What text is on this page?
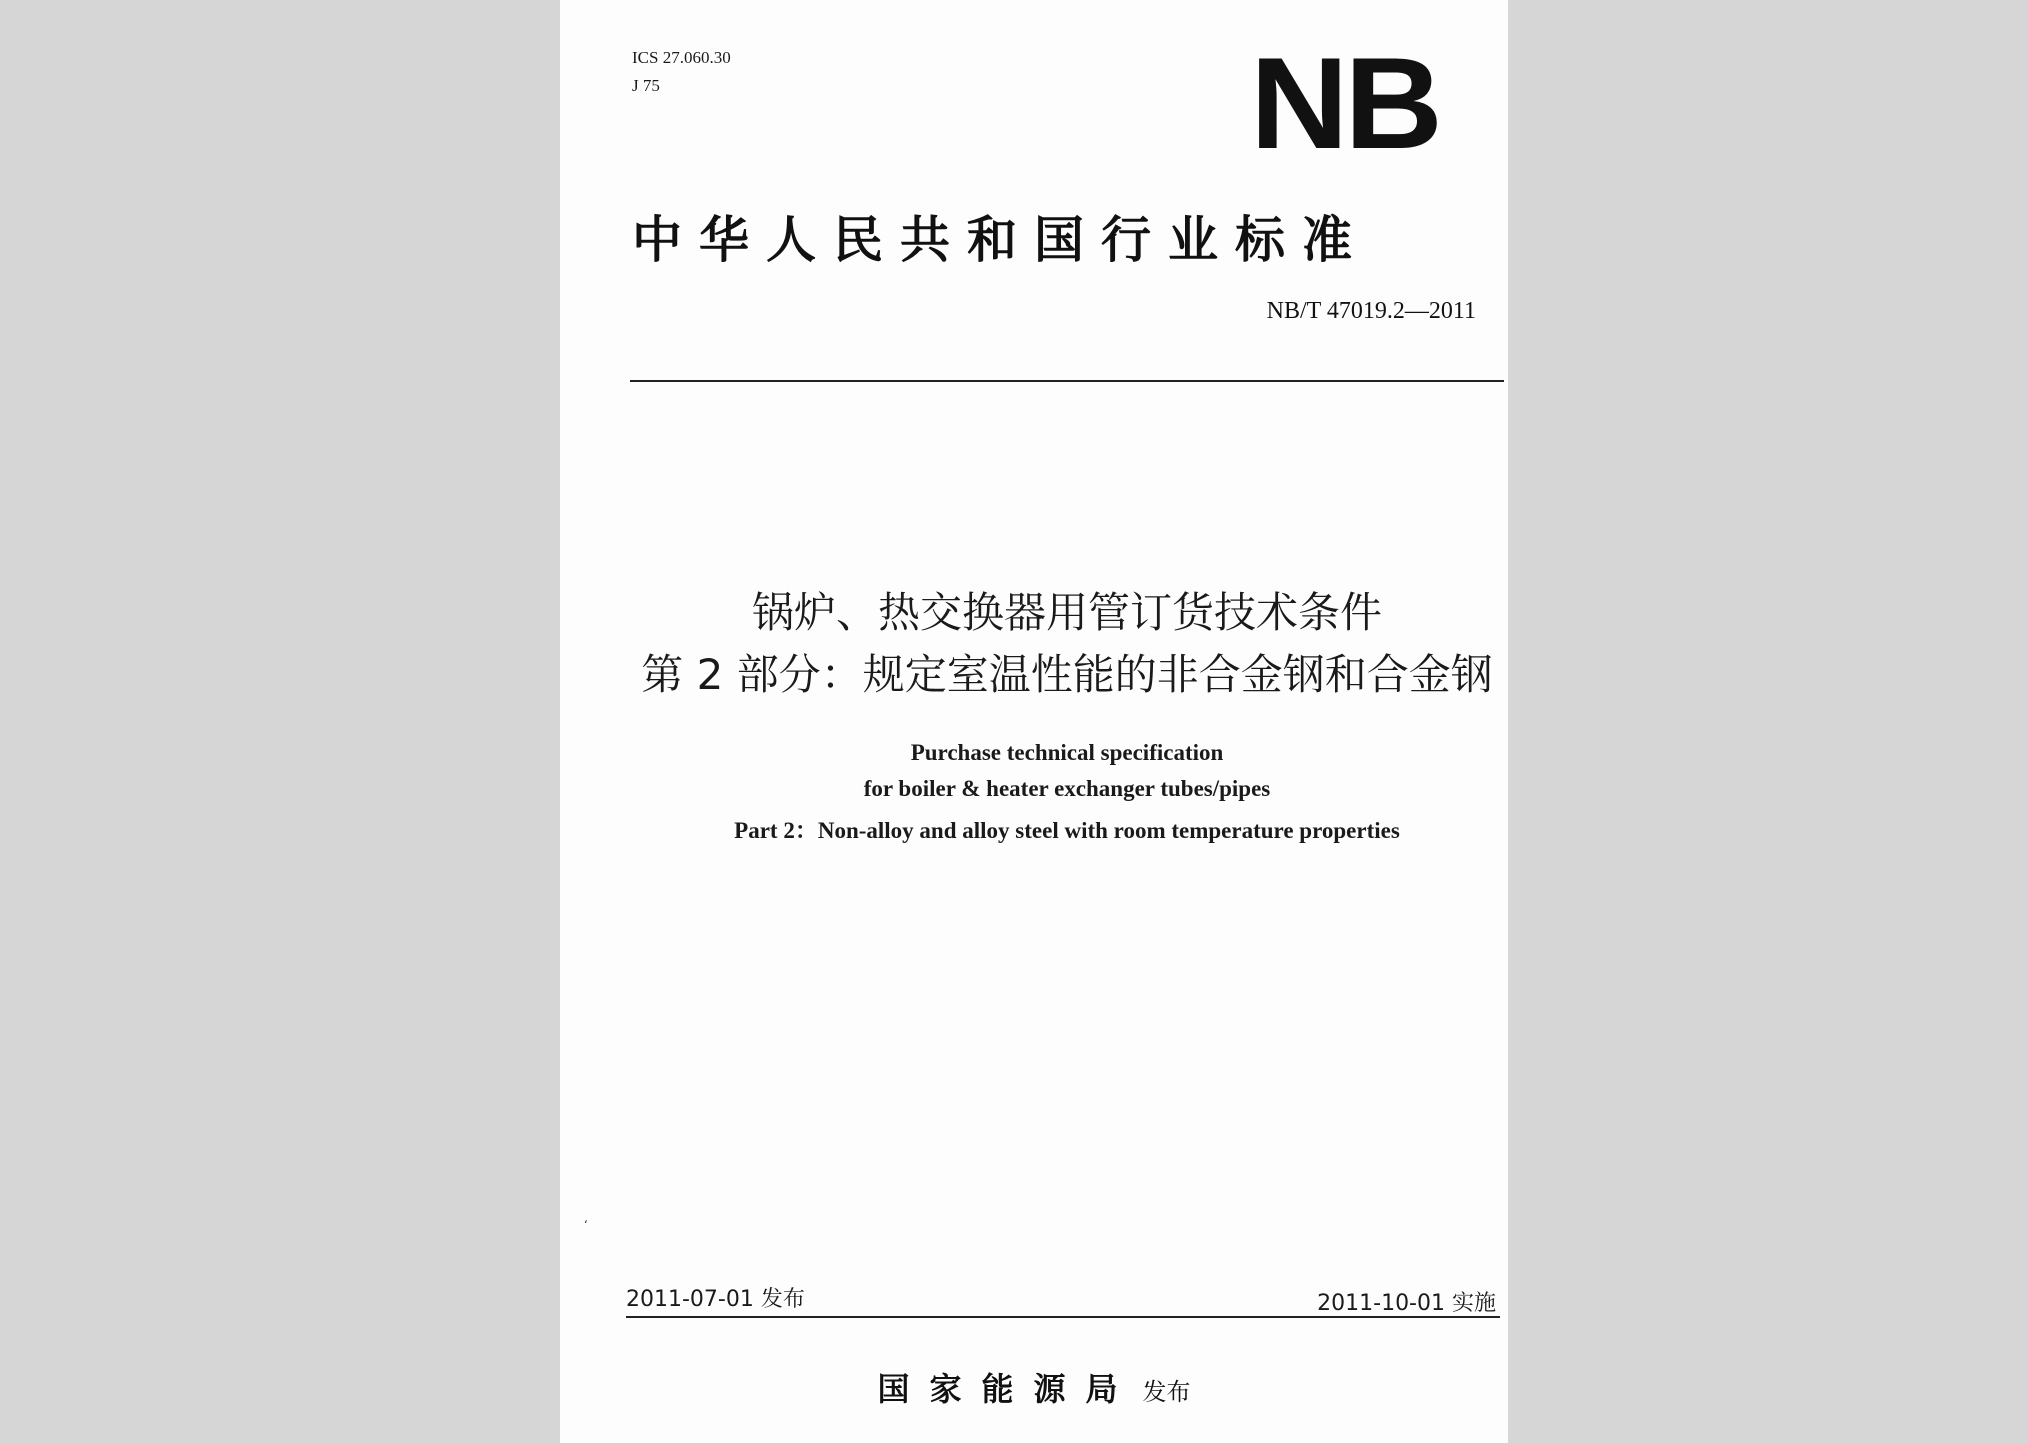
ICS 27.060.30
J 75	NB
中华人民共和国行业标准
NB/T 47019.2—2011
锅炉、热交换器用管订货技术条件
第 2 部分：规定室温性能的非合金钢和合金钢
Purchase technical specification
for boiler & heater exchanger tubes/pipes
Part 2：Non-alloy and alloy steel with room temperature properties
‘
2011-07-01 发布	2011-10-01 实施
国家能源局 发布
